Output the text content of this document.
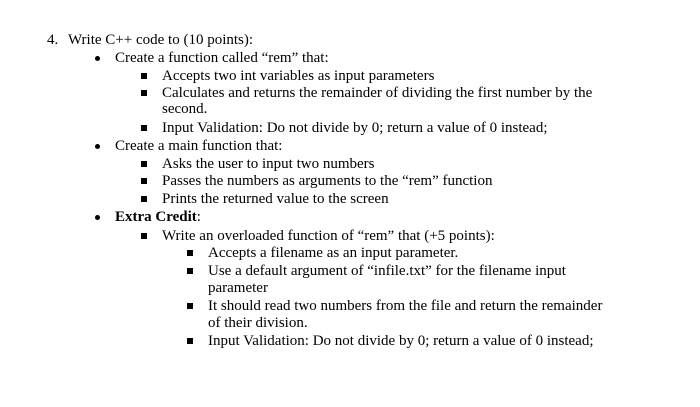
4. Write C++ code to (10 points):
Create a function called “rem” that:
Accepts two int variables as input parameters
Calculates and returns the remainder of dividing the first number by the
second.
Input Validation: Do not divide by 0; return a value of 0 instead;
Create a main function that:
Asks the user to input two numbers
Passes the numbers as arguments to the “rem” function
Prints the returned value to the screen
Extra Credit:
Write an overloaded function of “rem” that (+5 points):
Accepts a filename as an input parameter.
Use a default argument of “infile.txt” for the filename input
parameter
It should read two numbers from the file and return the remainder
of their division.
Input Validation: Do not divide by 0; return a value of 0 instead;
